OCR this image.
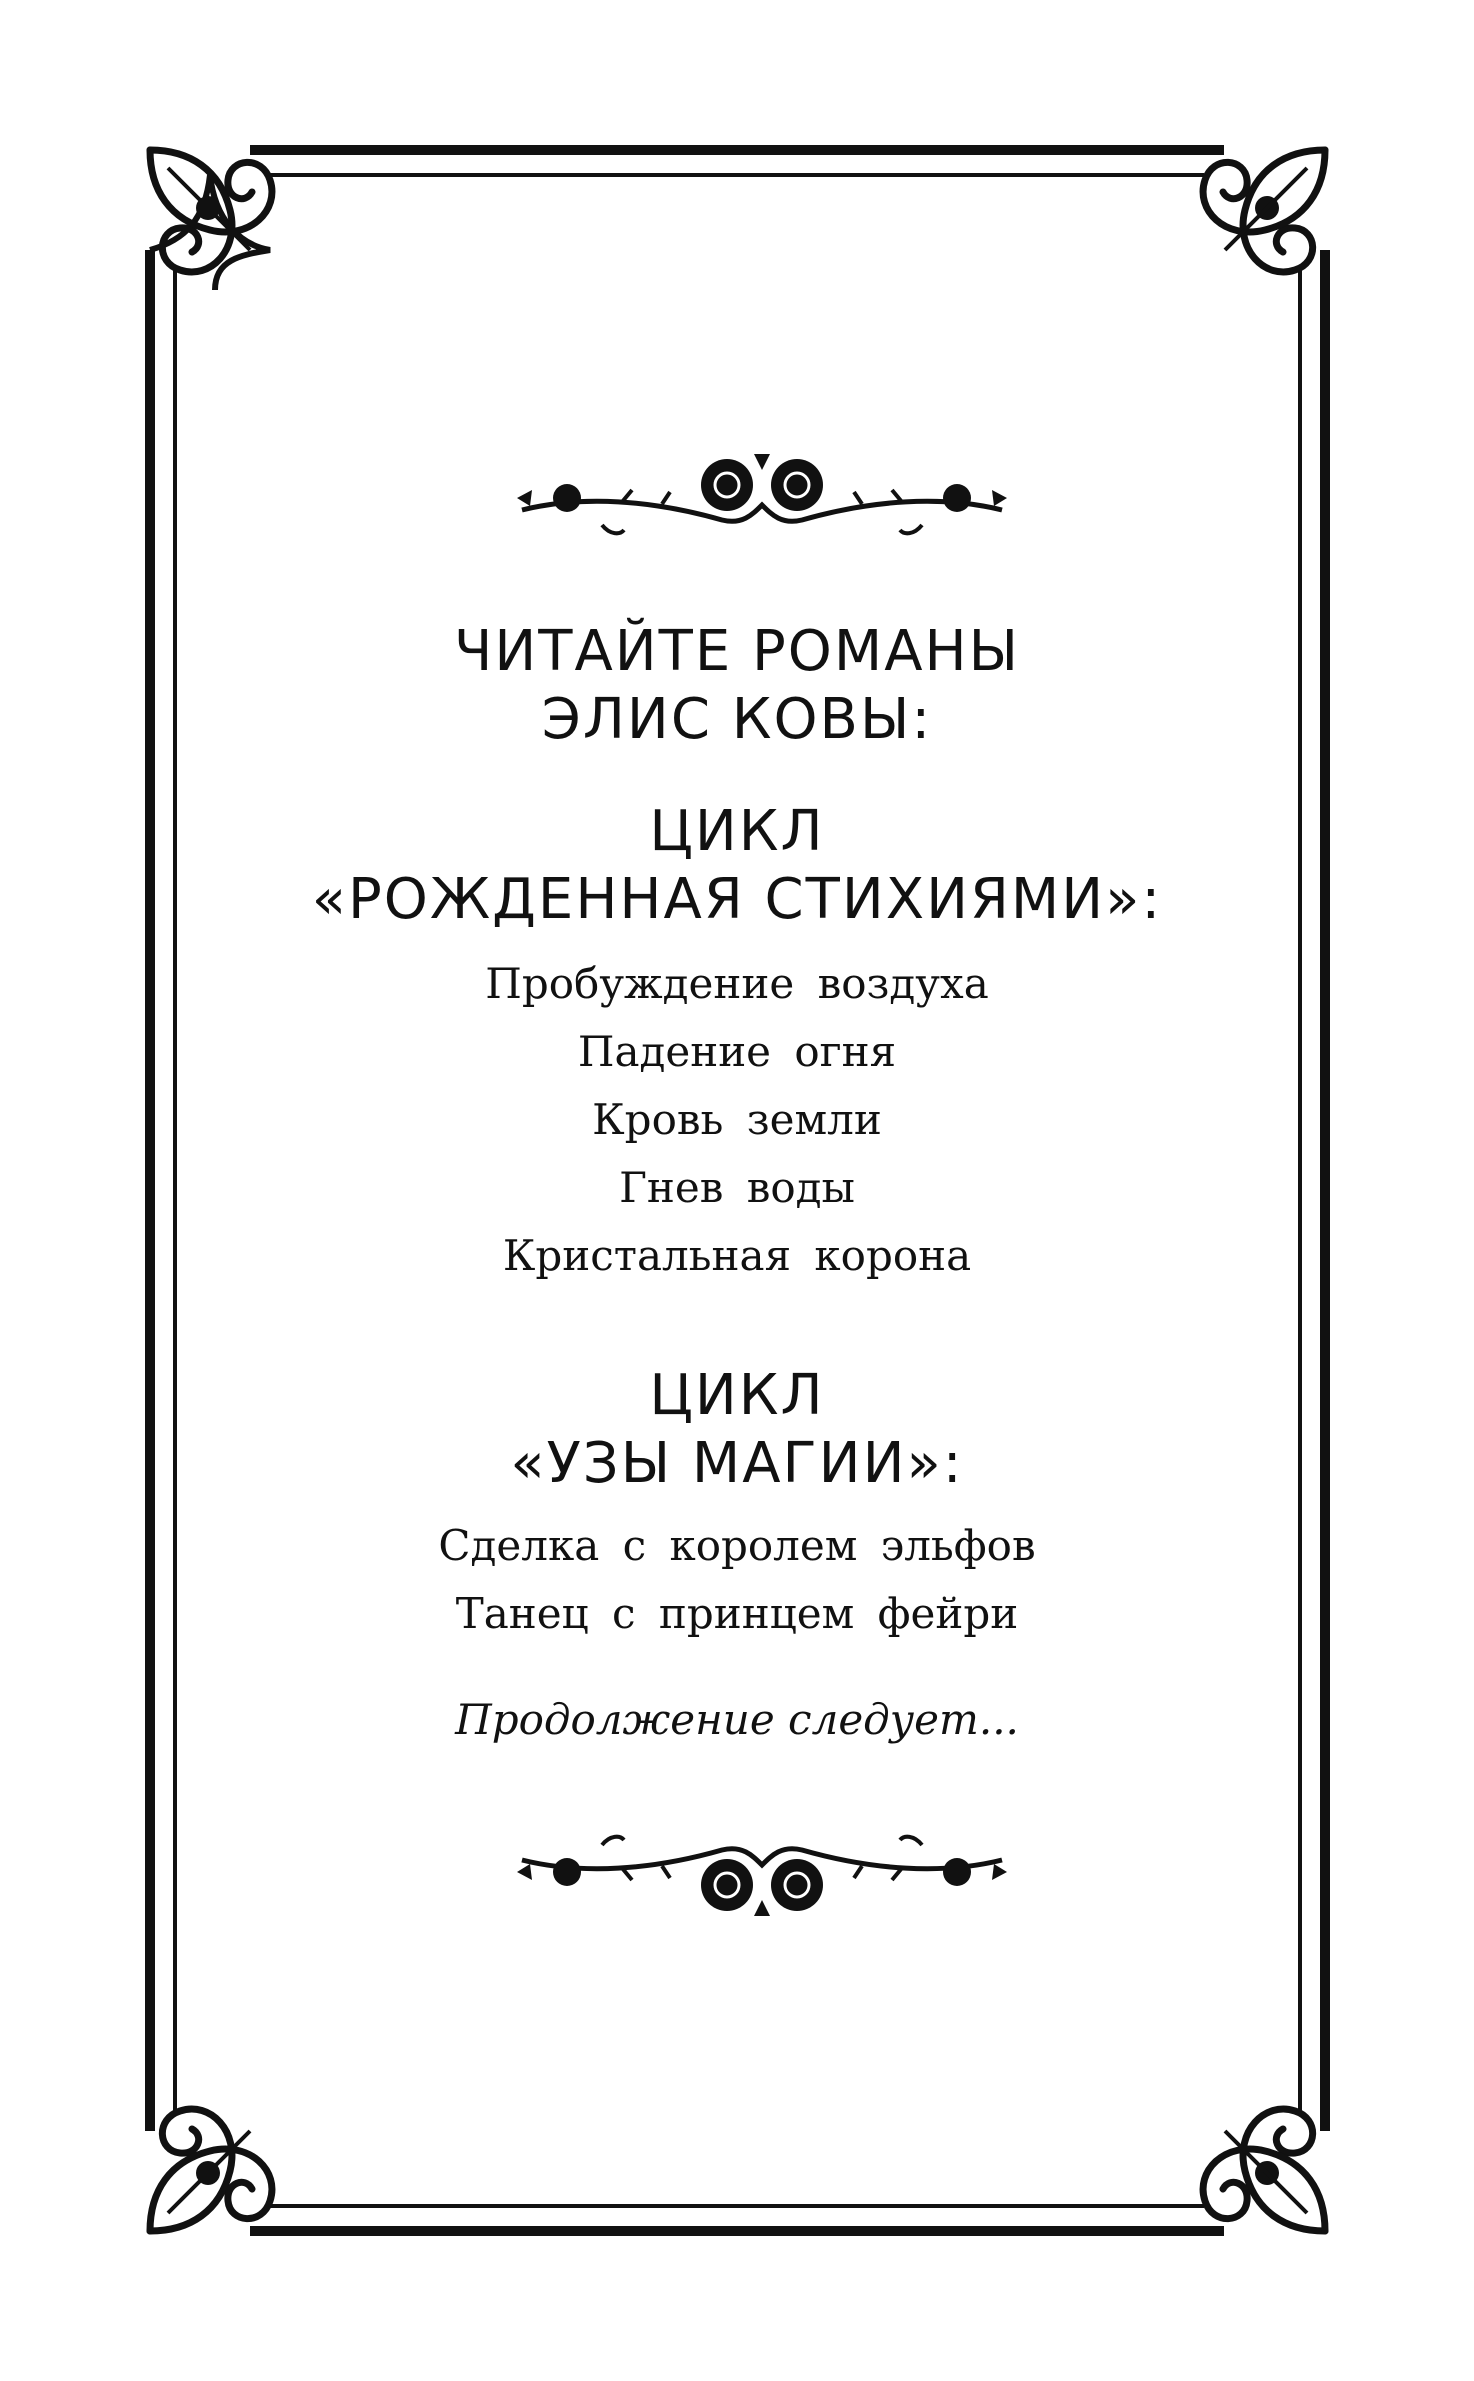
ЧИТАЙТЕ РОМАНЫ

ЭЛИС КОВЫ:

ЦИКЛ

«РОЖДЕННАЯ СТИХИЯМИ»:

Пробуждение воздуха

Падение огня

Кровь земли

Гнев воды

Кристальная корона

ЦИКЛ

«УЗЫ МАГИИ»:

Сделка с королем эльфов

Танец с принцем фейри

Продолжение следует...
